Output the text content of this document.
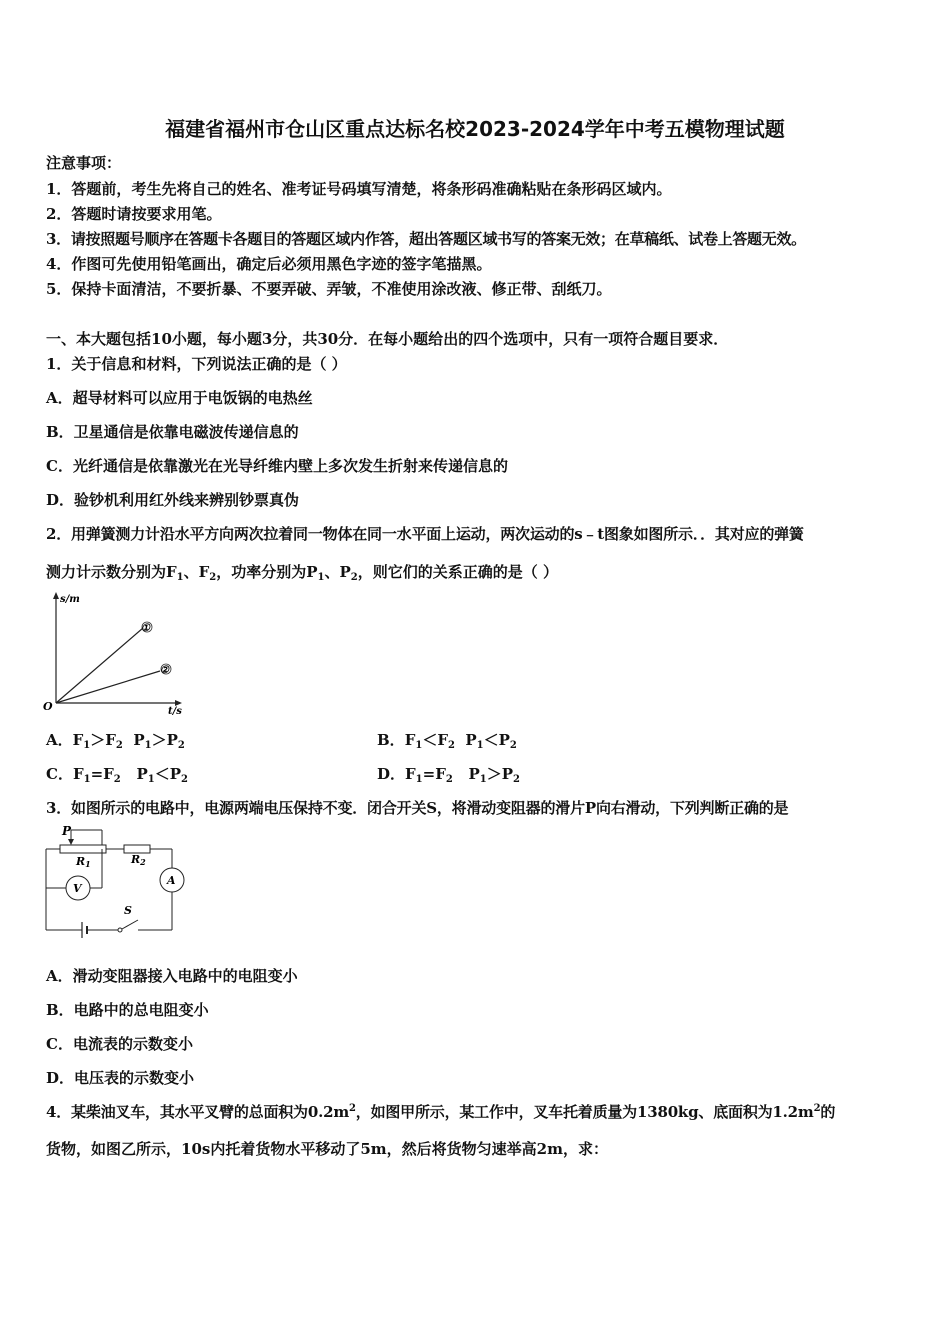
福建省福州市仓山区重点达标名校2023-2024学年中考五模物理试题
注意事项：
1．答题前，考生先将自己的姓名、准考证号码填写清楚，将条形码准确粘贴在条形码区域内。
2．答题时请按要求用笔。
3．请按照题号顺序在答题卡各题目的答题区域内作答，超出答题区域书写的答案无效；在草稿纸、试卷上答题无效。
4．作图可先使用铅笔画出，确定后必须用黑色字迹的签字笔描黑。
5．保持卡面清洁，不要折暴、不要弄破、弄皱，不准使用涂改液、修正带、刮纸刀。
一、本大题包括10小题，每小题3分，共30分．在每小题给出的四个选项中，只有一项符合题目要求．
1．关于信息和材料，下列说法正确的是（ ）
A．超导材料可以应用于电饭锅的电热丝
B．卫星通信是依靠电磁波传递信息的
C．光纤通信是依靠激光在光导纤维内壁上多次发生折射来传递信息的
D．验钞机利用红外线来辨别钞票真伪
2．用弹簧测力计沿水平方向两次拉着同一物体在同一水平面上运动，两次运动的s﹣t图象如图所示．．其对应的弹簧
测力计示数分别为$F_1$、$F_2$，功率分别为$P_1$、$P_2$，则它们的关系正确的是（ ）
s/m
t/s
O
①
②
A．$F_1>F_2$ $P_1>P_2$	B．$F_1<F_2$ $P_1<P_2$
C．$F_1=F_2$ $P_1<P_2$	D．$F_1=F_2$ $P_1>P_2$
3．如图所示的电路中，电源两端电压保持不变．闭合开关S，将滑动变阻器的滑片P向右滑动，下列判断正确的是
P
R1	R2
V
A
S
A．滑动变阻器接入电路中的电阻变小
B．电路中的总电阻变小
C．电流表的示数变小
D．电压表的示数变小
4．某柴油叉车，其水平叉臂的总面积为$0.2m^2$，如图甲所示，某工作中，叉车托着质量为1380kg、底面积为$1.2m^2$的
货物，如图乙所示，10s内托着货物水平移动了5m，然后将货物匀速举高2m，求：
